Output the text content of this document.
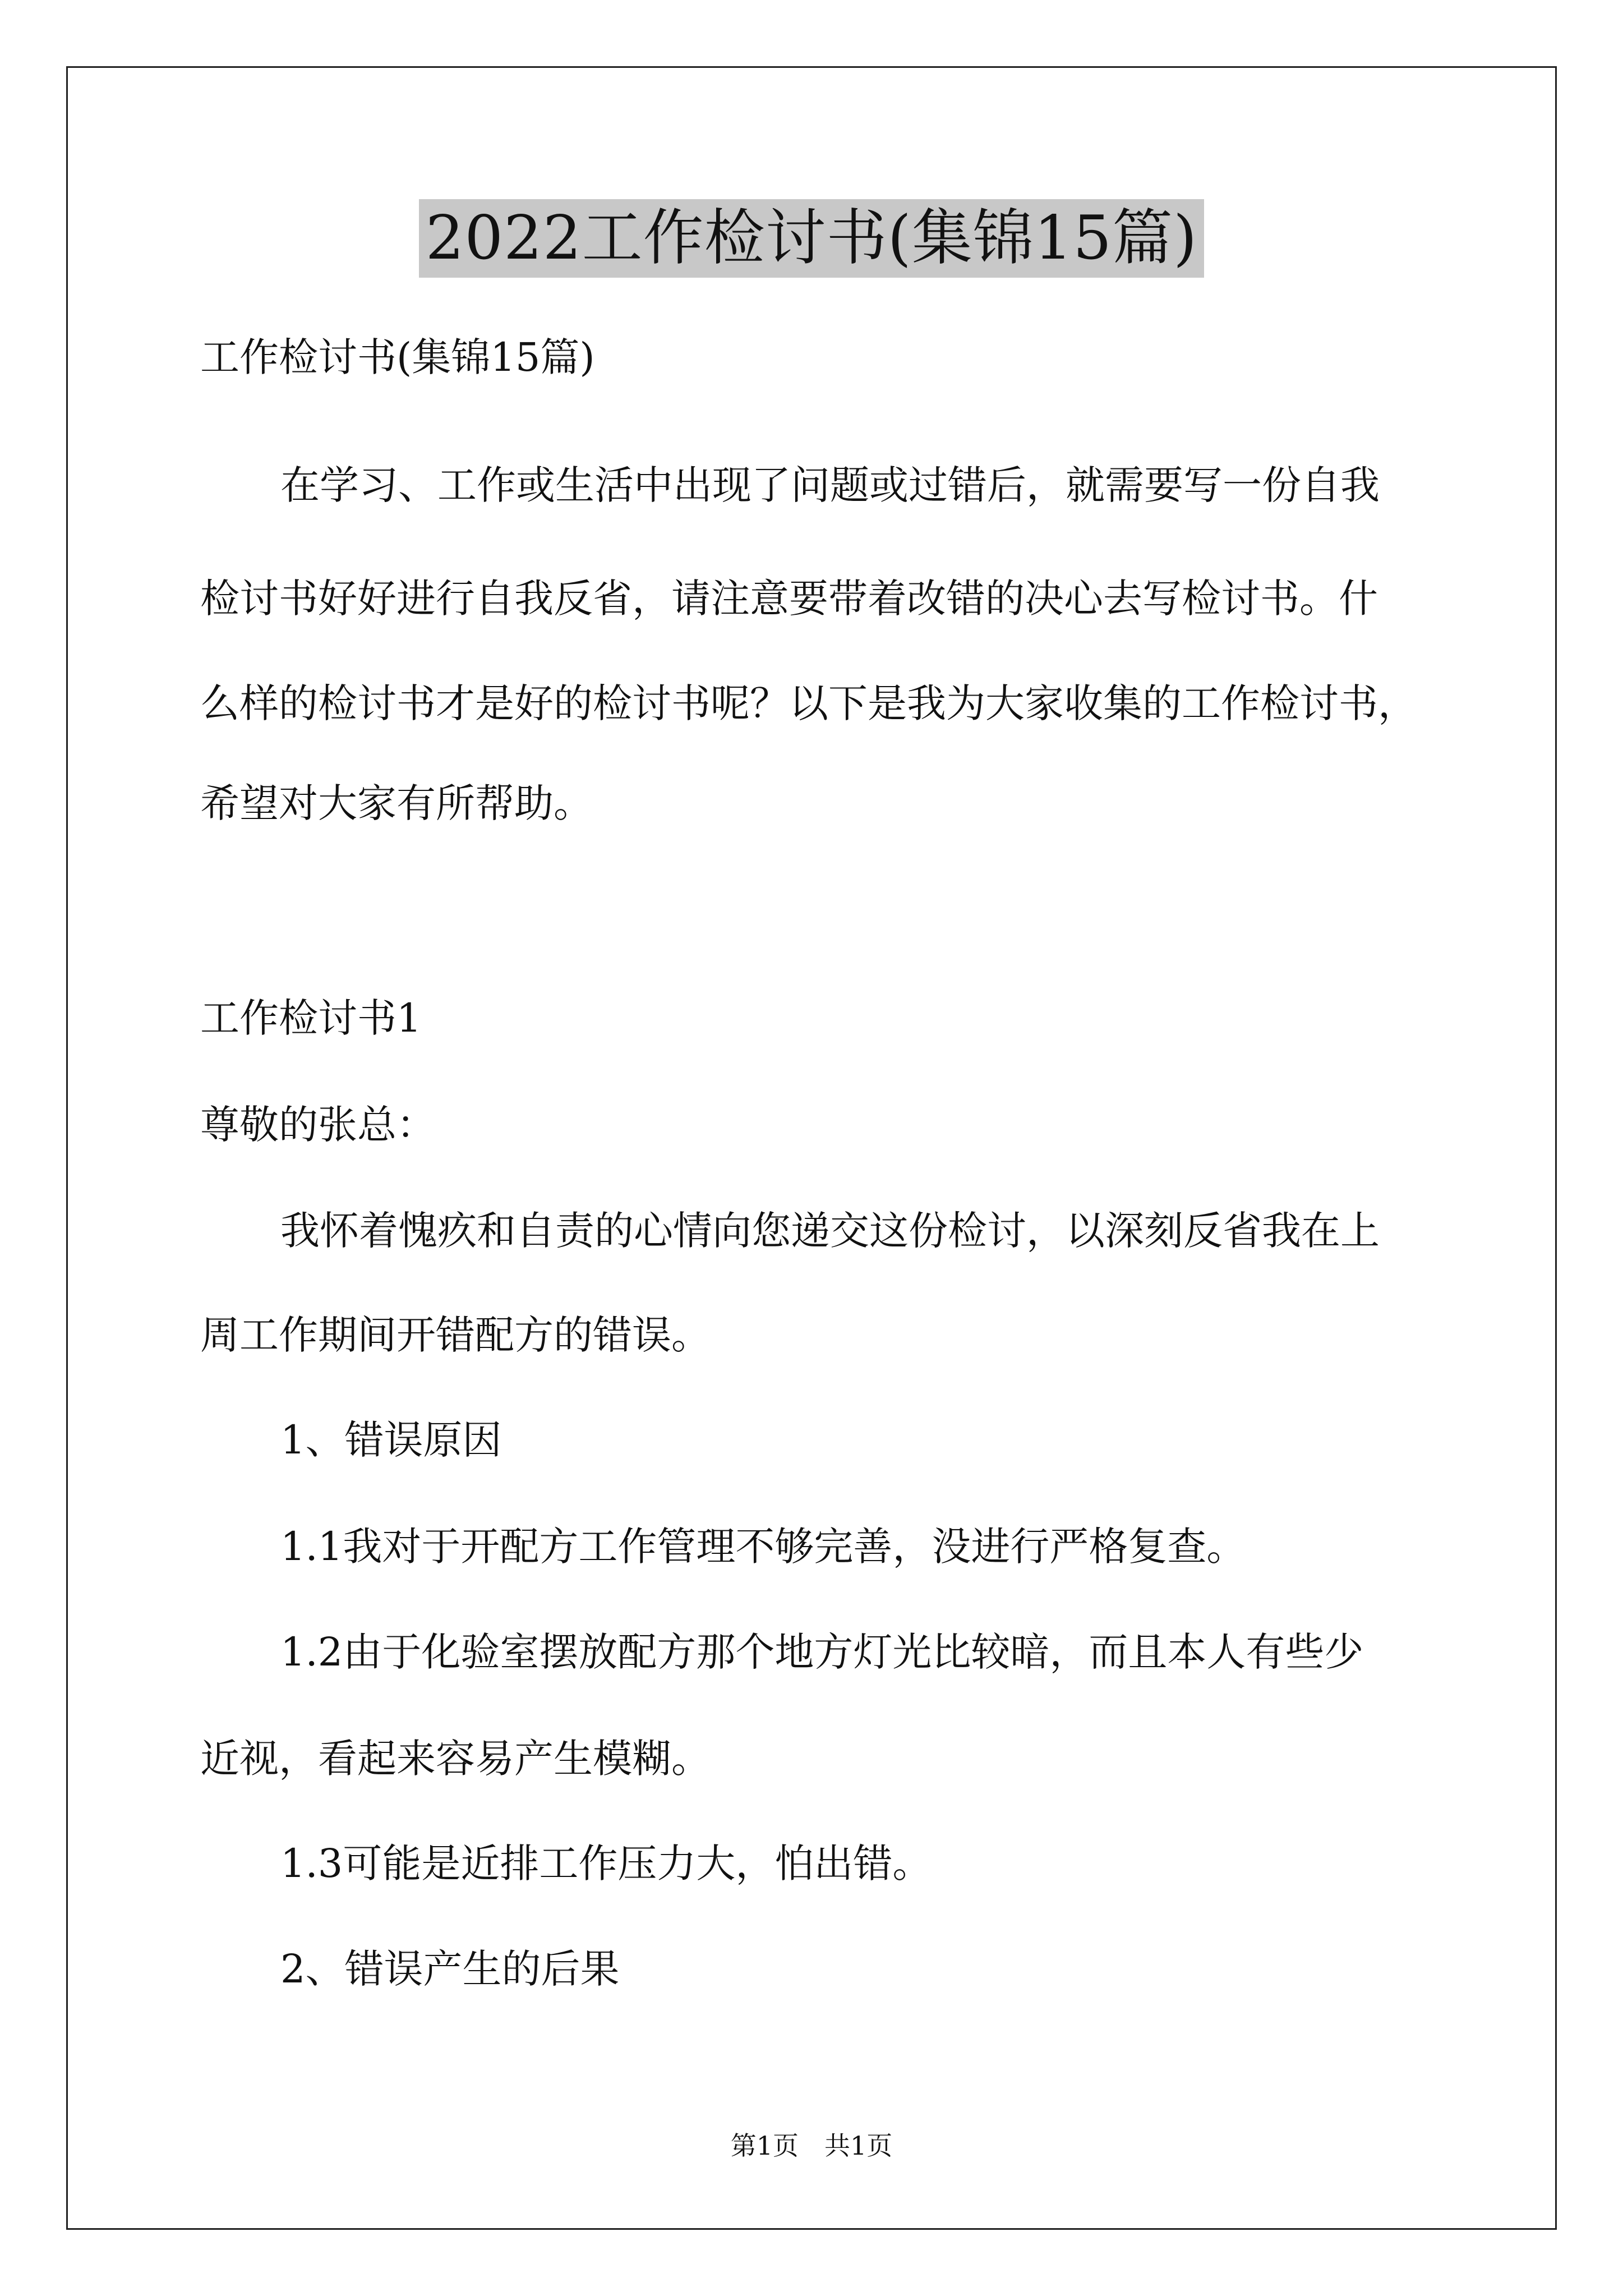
2022工作检讨书(集锦15篇)
工作检讨书(集锦15篇)
在学习、工作或生活中出现了问题或过错后，就需要写一份自我
检讨书好好进行自我反省，请注意要带着改错的决心去写检讨书。什
么样的检讨书才是好的检讨书呢？以下是我为大家收集的工作检讨书，
希望对大家有所帮助。
工作检讨书1
尊敬的张总：
我怀着愧疚和自责的心情向您递交这份检讨，以深刻反省我在上
周工作期间开错配方的错误。
1、错误原因
1.1我对于开配方工作管理不够完善，没进行严格复查。
1.2由于化验室摆放配方那个地方灯光比较暗，而且本人有些少
近视，看起来容易产生模糊。
1.3可能是近排工作压力大，怕出错。
2、错误产生的后果
第1页　共1页
